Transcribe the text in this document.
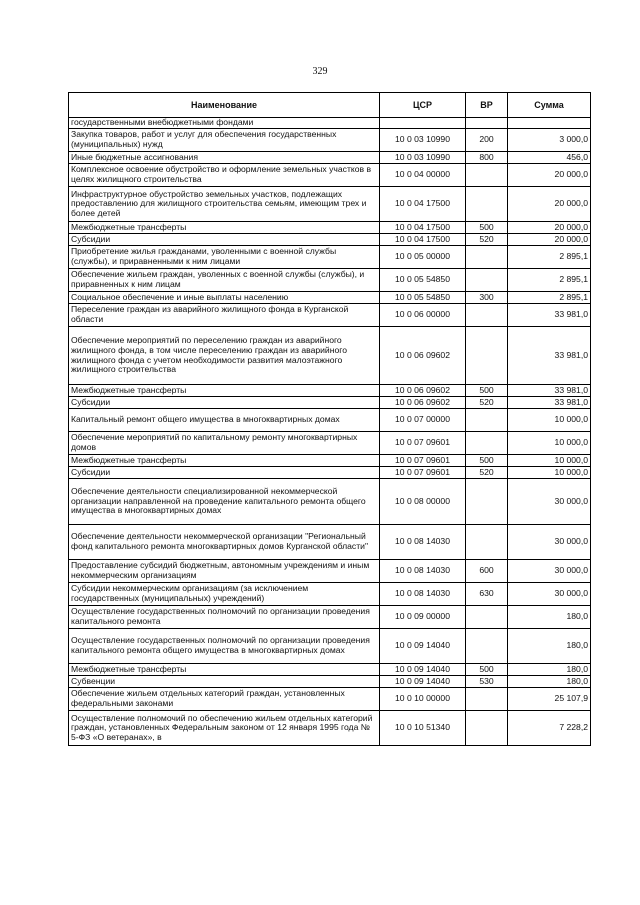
329
Наименование	ЦСР	ВР	Сумма
государственными внебюджетными фондами			
Закупка товаров, работ и услуг для обеспечения государственных (муниципальных) нужд	10 0 03 10990	200	3 000,0
Иные бюджетные ассигнования	10 0 03 10990	800	456,0
Комплексное освоение обустройство и оформление земельных участков в целях жилищного строительства	10 0 04 00000		20 000,0
Инфраструктурное обустройство земельных участков, подлежащих предоставлению для жилищного строительства семьям, имеющим трех и более детей	10 0 04 17500		20 000,0
Межбюджетные трансферты	10 0 04 17500	500	20 000,0
Субсидии	10 0 04 17500	520	20 000,0
Приобретение жилья гражданами, уволенными с военной службы (службы), и приравненными к ним лицами	10 0 05 00000		2 895,1
Обеспечение жильем граждан, уволенных с военной службы (службы), и приравненных к ним лицам	10 0 05 54850		2 895,1
Социальное обеспечение и иные выплаты населению	10 0 05 54850	300	2 895,1
Переселение граждан из аварийного жилищного фонда в Курганской области	10 0 06 00000		33 981,0
Обеспечение мероприятий по переселению граждан из аварийного жилищного фонда, в том числе переселению граждан из аварийного жилищного фонда с учетом необходимости развития малоэтажного жилищного строительства	10 0 06 09602		33 981,0
Межбюджетные трансферты	10 0 06 09602	500	33 981,0
Субсидии	10 0 06 09602	520	33 981,0
Капитальный ремонт общего имущества в многоквартирных домах	10 0 07 00000		10 000,0
Обеспечение мероприятий по капитальному ремонту многоквартирных домов	10 0 07 09601		10 000,0
Межбюджетные трансферты	10 0 07 09601	500	10 000,0
Субсидии	10 0 07 09601	520	10 000,0
Обеспечение деятельности специализированной некоммерческой организации направленной на проведение капитального ремонта общего имущества в многоквартирных домах	10 0 08 00000		30 000,0
Обеспечение деятельности некоммерческой организации "Региональный фонд капитального ремонта многоквартирных домов Курганской области"	10 0 08 14030		30 000,0
Предоставление субсидий бюджетным, автономным учреждениям и иным некоммерческим организациям	10 0 08 14030	600	30 000,0
Субсидии некоммерческим организациям (за исключением государственных (муниципальных) учреждений)	10 0 08 14030	630	30 000,0
Осуществление государственных полномочий по организации проведения капитального ремонта	10 0 09 00000		180,0
Осуществление государственных полномочий по организации проведения капитального ремонта общего имущества в многоквартирных домах	10 0 09 14040		180,0
Межбюджетные трансферты	10 0 09 14040	500	180,0
Субвенции	10 0 09 14040	530	180,0
Обеспечение жильем отдельных категорий граждан, установленных федеральными законами	10 0 10 00000		25 107,9
Осуществление полномочий по обеспечению жильем отдельных категорий граждан, установленных Федеральным законом от 12 января 1995 года № 5-ФЗ «О ветеранах», в	10 0 10 51340		7 228,2
